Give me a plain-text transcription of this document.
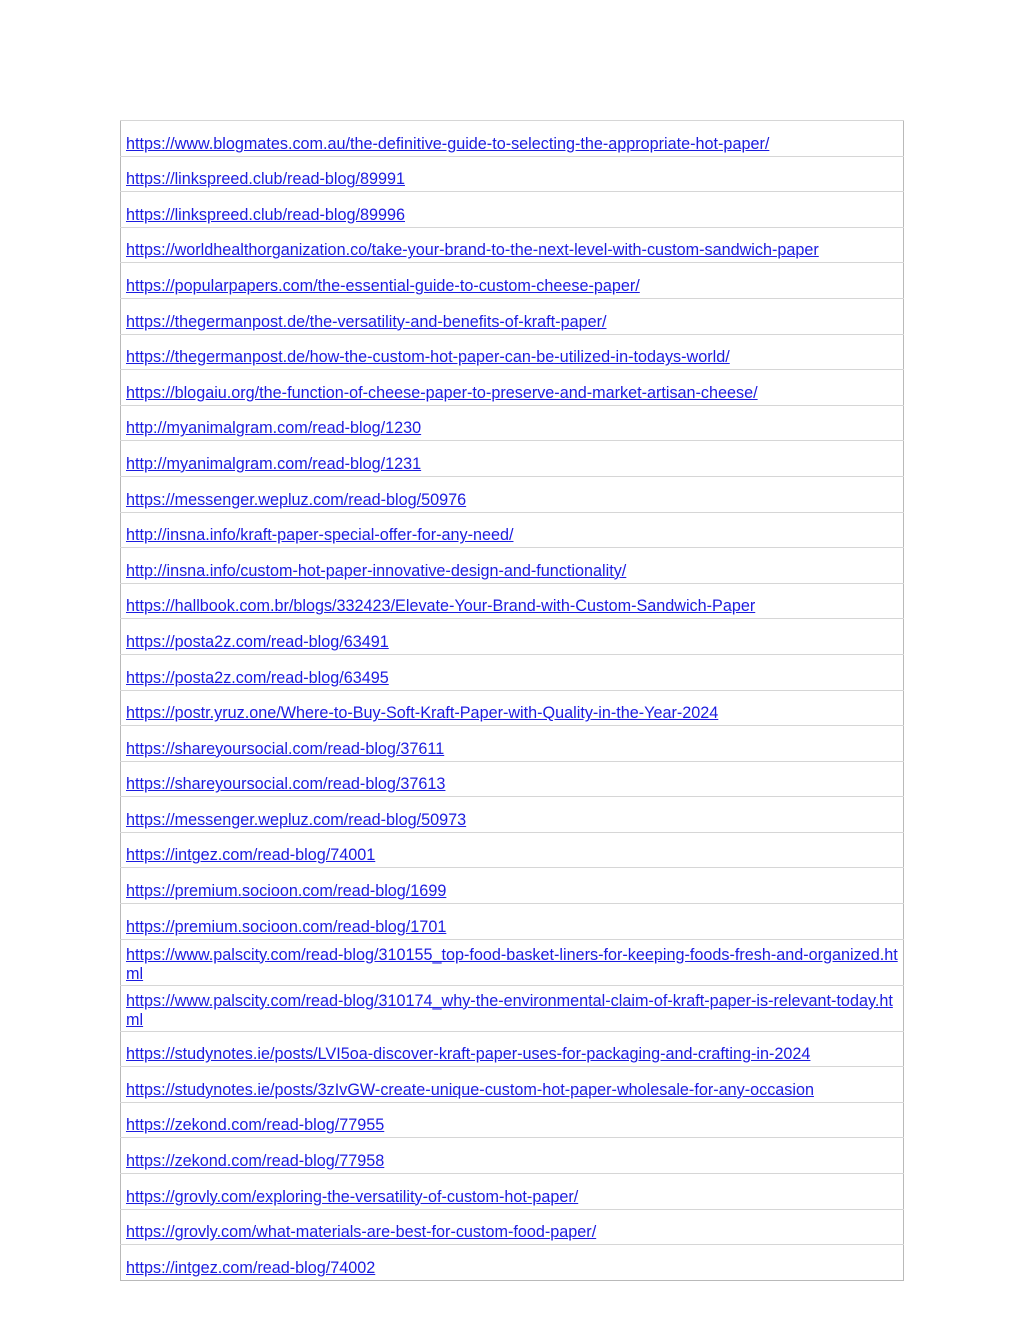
https://www.blogmates.com.au/the-definitive-guide-to-selecting-the-appropriate-hot-paper/
https://linkspreed.club/read-blog/89991
https://linkspreed.club/read-blog/89996
https://worldhealthorganization.co/take-your-brand-to-the-next-level-with-custom-sandwich-paper
https://popularpapers.com/the-essential-guide-to-custom-cheese-paper/
https://thegermanpost.de/the-versatility-and-benefits-of-kraft-paper/
https://thegermanpost.de/how-the-custom-hot-paper-can-be-utilized-in-todays-world/
https://blogaiu.org/the-function-of-cheese-paper-to-preserve-and-market-artisan-cheese/
http://myanimalgram.com/read-blog/1230
http://myanimalgram.com/read-blog/1231
https://messenger.wepluz.com/read-blog/50976
http://insna.info/kraft-paper-special-offer-for-any-need/
http://insna.info/custom-hot-paper-innovative-design-and-functionality/
https://hallbook.com.br/blogs/332423/Elevate-Your-Brand-with-Custom-Sandwich-Paper
https://posta2z.com/read-blog/63491
https://posta2z.com/read-blog/63495
https://postr.yruz.one/Where-to-Buy-Soft-Kraft-Paper-with-Quality-in-the-Year-2024
https://shareyoursocial.com/read-blog/37611
https://shareyoursocial.com/read-blog/37613
https://messenger.wepluz.com/read-blog/50973
https://intgez.com/read-blog/74001
https://premium.socioon.com/read-blog/1699
https://premium.socioon.com/read-blog/1701
https://www.palscity.com/read-blog/310155_top-food-basket-liners-for-keeping-foods-fresh-and-organized.html
https://www.palscity.com/read-blog/310174_why-the-environmental-claim-of-kraft-paper-is-relevant-today.html
https://studynotes.ie/posts/LVI5oa-discover-kraft-paper-uses-for-packaging-and-crafting-in-2024
https://studynotes.ie/posts/3zIvGW-create-unique-custom-hot-paper-wholesale-for-any-occasion
https://zekond.com/read-blog/77955
https://zekond.com/read-blog/77958
https://grovly.com/exploring-the-versatility-of-custom-hot-paper/
https://grovly.com/what-materials-are-best-for-custom-food-paper/
https://intgez.com/read-blog/74002
